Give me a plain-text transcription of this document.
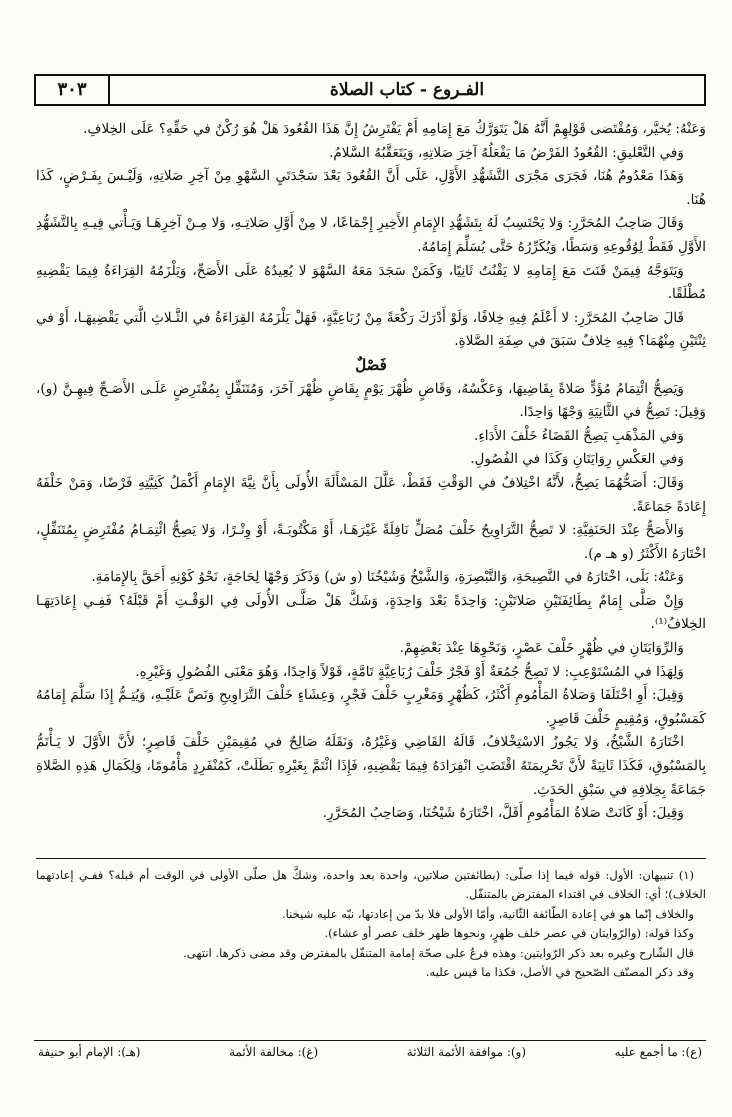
الفـروع - كتاب الصلاة
٣٠٣

وَعَنْهُ: يُخيَّر، وَمُقْتَضى قَوْلِهِمْ أَنَّهُ هَلْ يَتَوَرَّكُ مَعَ إِمَامِهِ أَمْ يَفْتَرِشُ إِنَّ هَذَا القُعُودَ هَلْ هُوَ رُكْنٌ في حَقِّهِ؟ عَلَى الخِلافِ.

وَفي التَّعْليقِ: القُعُودُ الفَرْضُ مَا يَفْعَلُهُ آخِرَ صَلاتِهِ، وَيَتَعَقَّبُهُ السَّلامُ.

وَهَذَا مَعْدُومٌ هُنَا، فَجَرَى مَجْرَى التَّشَهُّدِ الأَوَّلِ، عَلَى أَنَّ القُعُودَ بَعْدَ سَجْدَتَيِ السَّهْوِ مِنْ آخِرِ صَلاتِهِ، وَلَيْـسَ بِفَـرْضٍ، كَذَا هُنَا.

وَقَالَ صَاحِبُ المُحَرَّرِ: وَلا يَحْتَسِبُ لَهُ بِتَشَهُّدِ الإِمَامِ الأَخِيرِ إِجْمَاعًا، لا مِنْ أَوَّلِ صَلاتِـهِ، وَلا مِـنْ آخِرِهَـا وَيَـأْتي فِيـهِ بِالتَّشَهُّدِ الأَوَّلِ فَقَطْ لِوُقُوعِهِ وَسَطًا، وَيُكَرِّرُهُ حَتَّى يُسَلِّمَ إِمَامُهُ.

وَيَتَوَجَّهُ فِيمَنْ قَنَتَ مَعَ إِمَامِهِ لا يَقْنُتُ ثَانِيًا، وَكَمَنْ سَجَدَ مَعَهُ السَّهْوَ لا يُعِيدُهُ عَلَى الأَصَحِّ، وَيَلْزَمُهُ القِرَاءَةُ فِيمَا يَقْضِيهِ مُطْلَقًا.

قَالَ صَاحِبُ المُحَرَّرِ: لا أَعْلَمُ فِيهِ خِلافًا، وَلَوْ أَدْرَكَ رَكْعَةً مِنْ رُبَاعِيَّةٍ، فَهَلْ يَلْزَمُهُ القِرَاءَةُ في الثَّـلاثِ الَّتي يَقْضِيهَـا، أَوْ في ثِنْتَيْنِ مِنْهُمَا؟ فِيهِ خِلافٌ سَبَقَ في صِفَةِ الصَّلاةِ.

فَصْلٌ

وَيَصِحُّ ائْتِمَامُ مُؤَدٍّ صَلاةً بِقَاضِيهَا، وَعَكْسُهُ، وَقَاضٍ ظُهْرَ يَوْمٍ بِقَاضٍ ظُهْرَ آخَرَ، وَمُتَنَفِّلٍ بِمُفْتَرِضٍ عَلَـى الأَصَـحِّ فِيهِـنَّ (و)، وَقِيلَ: تَصِحُّ في الثَّانِيَةِ وَجْهًا وَاحِدًا.

وَفي المَذْهَبِ يَصِحُّ القَضَاءُ خَلْفَ الأَدَاءِ.

وَفي العَكْسِ رِوَايَتَانِ وَكَذَا في الفُصُولِ.

وَقَالَ: أَصَحُّهُمَا يَصِحُّ، لأَنَّهُ اخْتِلافٌ في الوَقْتِ فَقَطْ، عَلَّلَ المَسْأَلَةَ الأُولَى بِأَنَّ نِيَّةَ الإِمَامِ أَكْمَلُ كَنِيَّتِهِ فَرْضًا، وَمَنْ خَلْفَهُ إِعَادَةً جَمَاعَةً.

وَالأَصَحُّ عِنْدَ الحَنَفِيَّةِ: لا تَصِحُّ التَّرَاوِيحُ خَلْفَ مُصَلٍّ نَافِلَةً غَيْرَهَـا، أَوْ مَكْتُوبَـةً، أَوْ وِتْـرًا، وَلا يَصِحُّ ائْتِمَـامُ مُفْتَرِضٍ بِمُتَنَفِّلٍ، اخْتَارَهُ الأَكْثَرُ (و هـ م).

وَعَنْهُ: بَلَى، اخْتَارَهُ في النَّصِيحَةِ، وَالتَّبْصِرَةِ، وَالشَّيْخُ وَشَيْخُنَا (و ش) وَذَكَرَ وَجْهًا لِحَاجَةٍ، نَحْوُ كَوْنِهِ أَحَقَّ بِالإِمَامَةِ.

وَإِنْ صَلَّى إِمَامٌ بِطَائِفَتَيْنِ صَلاتَيْنِ: وَاحِدَةً بَعْدَ وَاحِدَةٍ، وَشَكَّ هَلْ صَلَّـى الأُولَى فِي الوَقْـتِ أَمْ قَبْلَهُ؟ فَفِـي إِعَادَتِهَـا الخِلافُ⁽¹⁾.

وَالرِّوَايَتَانِ في ظُهْرٍ خَلْفَ عَصْرٍ، وَنَحْوِهَا عِنْدَ بَعْضِهِمْ.

وَلِهَذَا في المُسْتَوْعِبِ: لا تَصِحُّ جُمُعَةٌ أَوْ فَجْرٌ خَلْفَ رُبَاعِيَّةٍ تَامَّةٍ، قَوْلاً وَاحِدًا، وَهُوَ مَعْنَى الفُصُولِ وَغَيْرِهِ.

وَقِيلَ: أَوِ اخْتَلَفَا وَصَلاةُ المَأْمُومِ أَكْثَرُ، كَظُهْرٍ وَمَغْرِبٍ خَلْفَ فَجْرٍ، وَعِشَاءٍ خَلْفَ التَّرَاوِيحِ وَنَصَّ عَلَيْـهِ، وَيُتِـمُّ إِذَا سَلَّمَ إِمَامُهُ كَمَسْبُوقٍ، وَمُقِيمٍ خَلْفَ قَاصِرٍ.

اخْتَارَهُ الشَّيْخُ، وَلا يَجُوزُ الاسْتِخْلافُ، قَالَهُ القَاضِي وَغَيْرُهُ، وَنَقَلَهُ صَالِحٌ في مُقِيمَيْنِ خَلْفَ قَاصِرٍ؛ لأَنَّ الأَوَّلَ لا يَـأْتَمُّ بِالمَسْبُوقِ، فَكَذَا ثَانِيَةً لأَنَّ تَحْرِيمَتَهُ اقْتَضَتِ انْفِرَادَهُ فِيمَا يَقْضِيهِ، فَإِذَا ائْتَمَّ بِغَيْرِهِ بَطَلَتْ، كَمُنْفَرِدٍ مَأْمُومًا، وَلِكَمَالِ هَذِهِ الصَّلاةِ جَمَاعَةً بِخِلافِهِ في سَبْقِ الحَدَثِ.

وَقِيلَ: أَوْ كَانَتْ صَلاةُ المَأْمُومِ أَقَلَّ، اخْتَارَهُ شَيْخُنَا، وَصَاحِبُ المُحَرَّرِ.

(١) تنبيهان: الأول: قوله فيما إذا صلّى: (بطائفتين صلاتين، واحدة بعد واحدة، وشكَّ هل صلّى الأولى في الوقت أم قبله؟ ففـي إعادتهما الخلاف)؛ أي: الخلاف في اقتداء المفترض بالمتنفّل.

والخلاف إنّما هو في إعادة الطّائفة الثّانية، وأمّا الأولى فلا بدّ من إعادتها، نبّه عليه شيخنا.

وكذا قوله: (والرّوايتان في عصر خلف ظهرٍ، ونحوها ظهر خلف عصر أو عشاء).

قال الشّارح وغيره بعد ذكر الرّوايتين: وهذه فرعٌ على صحّة إمامة المتنفّل بالمفترض وقد مضى ذكرها. انتهى.

وقد ذكر المصنّف الصّحيح في الأصل، فكذا ما قيس عليه.

(ع): ما أجمع عليه
(و): موافقة الأئمة الثلاثة
(غ): مخالفة الأئمة
(هـ): الإمام أبو حنيفة
